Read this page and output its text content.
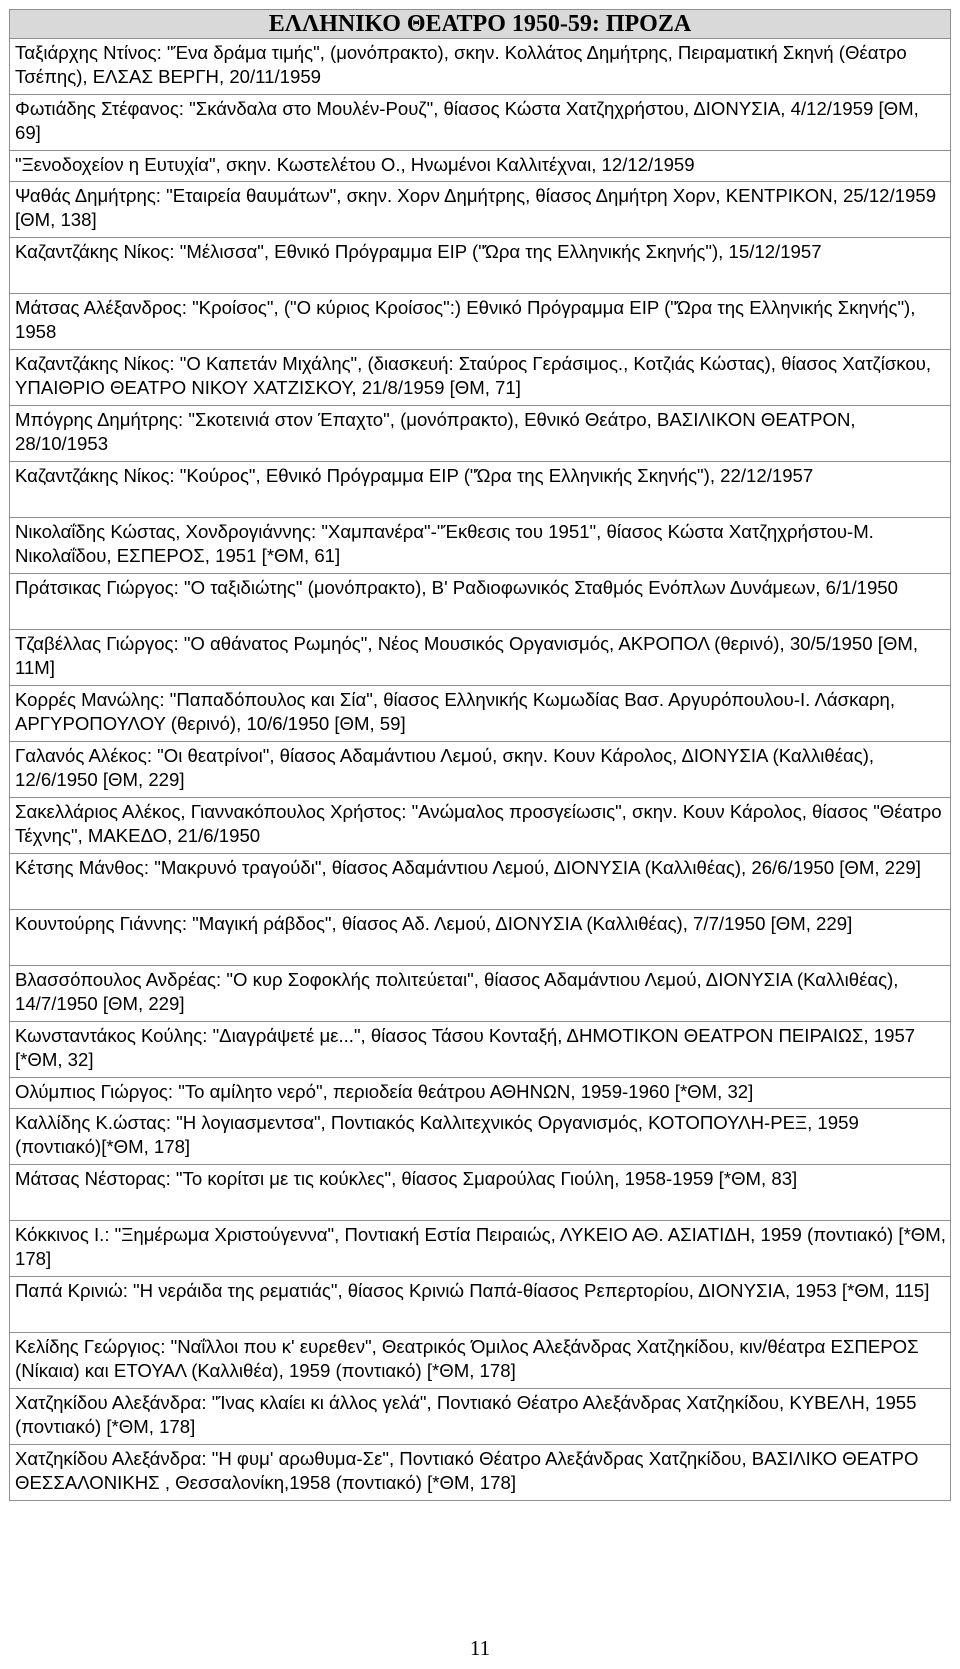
ΕΛΛΗΝΙΚΟ ΘΕΑΤΡΟ 1950-59: ΠΡΟΖΑ
Ταξιάρχης Ντίνος: "Ένα δράμα τιμής", (μονόπρακτο), σκην. Κολλάτος Δημήτρης, Πειραματική Σκηνή (Θέατρο Τσέπης), ΕΛΣΑΣ ΒΕΡΓΗ, 20/11/1959
Φωτιάδης Στέφανος: "Σκάνδαλα στο Μουλέν-Ρουζ", θίασος Κώστα Χατζηχρήστου, ΔΙΟΝΥΣΙΑ, 4/12/1959 [ΘΜ, 69]
"Ξενοδοχείον η Ευτυχία", σκην. Κωστελέτου Ο., Ηνωμένοι Καλλιτέχναι, 12/12/1959
Ψαθάς Δημήτρης: "Εταιρεία θαυμάτων", σκην. Χορν Δημήτρης, θίασος Δημήτρη Χορν, ΚΕΝΤΡΙΚΟΝ, 25/12/1959 [ΘΜ, 138]
Καζαντζάκης Νίκος: "Μέλισσα", Εθνικό Πρόγραμμα ΕΙΡ ("Ώρα της Ελληνικής Σκηνής"), 15/12/1957
Μάτσας Αλέξανδρος: "Κροίσος", ("Ο κύριος Κροίσος":) Εθνικό Πρόγραμμα ΕΙΡ ("Ώρα της Ελληνικής Σκηνής"), 1958
Καζαντζάκης Νίκος: "Ο Καπετάν Μιχάλης", (διασκευή: Σταύρος Γεράσιμος., Κοτζιάς Κώστας), θίασος Χατζίσκου, ΥΠΑΙΘΡΙΟ ΘΕΑΤΡΟ ΝΙΚΟΥ ΧΑΤΖΙΣΚΟΥ, 21/8/1959 [ΘΜ, 71]
Μπόγρης Δημήτρης: "Σκοτεινιά στον Έπαχτο", (μονόπρακτο), Εθνικό Θεάτρο, ΒΑΣΙΛΙΚΟΝ ΘΕΑΤΡΟΝ, 28/10/1953
Καζαντζάκης Νίκος: "Κούρος", Εθνικό Πρόγραμμα ΕΙΡ ("Ώρα της Ελληνικής Σκηνής"), 22/12/1957
Νικολαΐδης Κώστας, Χονδρογιάννης: "Χαμπανέρα"-"Έκθεσις του 1951", θίασος Κώστα Χατζηχρήστου-Μ. Νικολαΐδου, ΕΣΠΕΡΟΣ, 1951 [*ΘΜ, 61]
Πράτσικας Γιώργος: "Ο ταξιδιώτης" (μονόπρακτο), Β' Ραδιοφωνικός Σταθμός Ενόπλων Δυνάμεων, 6/1/1950
Τζαβέλλας Γιώργος: "Ο αθάνατος Ρωμηός", Νέος Μουσικός Οργανισμός, ΑΚΡΟΠΟΛ (θερινό), 30/5/1950 [ΘΜ, 11Μ]
Κορρές Μανώλης: "Παπαδόπουλος και Σία", θίασος Ελληνικής Κωμωδίας Βασ. Αργυρόπουλου-Ι. Λάσκαρη, ΑΡΓΥΡΟΠΟΥΛΟΥ (θερινό), 10/6/1950 [ΘΜ, 59]
Γαλανός Αλέκος: "Οι θεατρίνοι", θίασος Αδαμάντιου Λεμού, σκην. Κουν Κάρολος, ΔΙΟΝΥΣΙΑ (Καλλιθέας), 12/6/1950 [ΘΜ, 229]
Σακελλάριος Αλέκος, Γιαννακόπουλος Χρήστος: "Ανώμαλος προσγείωσις", σκην. Κουν Κάρολος, θίασος "Θέατρο Τέχνης", ΜΑΚΕΔΟ, 21/6/1950
Κέτσης Μάνθος: "Μακρυνό τραγούδι", θίασος Αδαμάντιου Λεμού, ΔΙΟΝΥΣΙΑ (Καλλιθέας), 26/6/1950 [ΘΜ, 229]
Κουντούρης Γιάννης: "Μαγική ράβδος", θίασος Αδ. Λεμού, ΔΙΟΝΥΣΙΑ (Καλλιθέας), 7/7/1950 [ΘΜ, 229]
Βλασσόπουλος Ανδρέας: "Ο κυρ Σοφοκλής πολιτεύεται", θίασος Αδαμάντιου Λεμού, ΔΙΟΝΥΣΙΑ (Καλλιθέας), 14/7/1950 [ΘΜ, 229]
Κωνσταντάκος Κούλης: "Διαγράψετέ με...", θίασος Τάσου Κονταξή, ΔΗΜΟΤΙΚΟΝ ΘΕΑΤΡΟΝ ΠΕΙΡΑΙΩΣ, 1957 [*ΘΜ, 32]
Ολύμπιος Γιώργος: "Το αμίλητο νερό", περιοδεία θεάτρου ΑΘΗΝΩΝ, 1959-1960 [*ΘΜ, 32]
Καλλίδης Κ.ώστας: "Η λογιασμεντσα", Ποντιακός Καλλιτεχνικός Οργανισμός, ΚΟΤΟΠΟΥΛΗ-ΡΕΞ, 1959 (ποντιακό)[*ΘΜ, 178]
Μάτσας Νέστορας: "Το κορίτσι με τις κούκλες", θίασος Σμαρούλας Γιούλη, 1958-1959 [*ΘΜ, 83]
Κόκκινος Ι.: "Ξημέρωμα Χριστούγεννα", Ποντιακή Εστία Πειραιώς, ΛΥΚΕΙΟ ΑΘ. ΑΣΙΑΤΙΔΗ, 1959 (ποντιακό) [*ΘΜ, 178]
Παπά Κρινιώ: "Η νεράιδα της ρεματιάς", θίασος Κρινιώ Παπά-θίασος Ρεπερτορίου, ΔΙΟΝΥΣΙΑ, 1953 [*ΘΜ, 115]
Κελίδης Γεώργιος: "Ναΐλλοι που κ' ευρεθεν", Θεατρικός Όμιλος Αλεξάνδρας Χατζηκίδου, κιν/θέατρα ΕΣΠΕΡΟΣ (Νίκαια) και ΕΤΟΥΑΛ (Καλλιθέα), 1959 (ποντιακό) [*ΘΜ, 178]
Χατζηκίδου Αλεξάνδρα: "Ίνας κλαίει κι άλλος γελά", Ποντιακό Θέατρο Αλεξάνδρας Χατζηκίδου, ΚΥΒΕΛΗ, 1955 (ποντιακό) [*ΘΜ, 178]
Χατζηκίδου Αλεξάνδρα: "Η φυμ' αρωθυμα-Σε", Ποντιακό Θέατρο Αλεξάνδρας Χατζηκίδου, ΒΑΣΙΛΙΚΟ ΘΕΑΤΡΟ ΘΕΣΣΑΛΟΝΙΚΗΣ , Θεσσαλονίκη,1958 (ποντιακό) [*ΘΜ, 178]
11
